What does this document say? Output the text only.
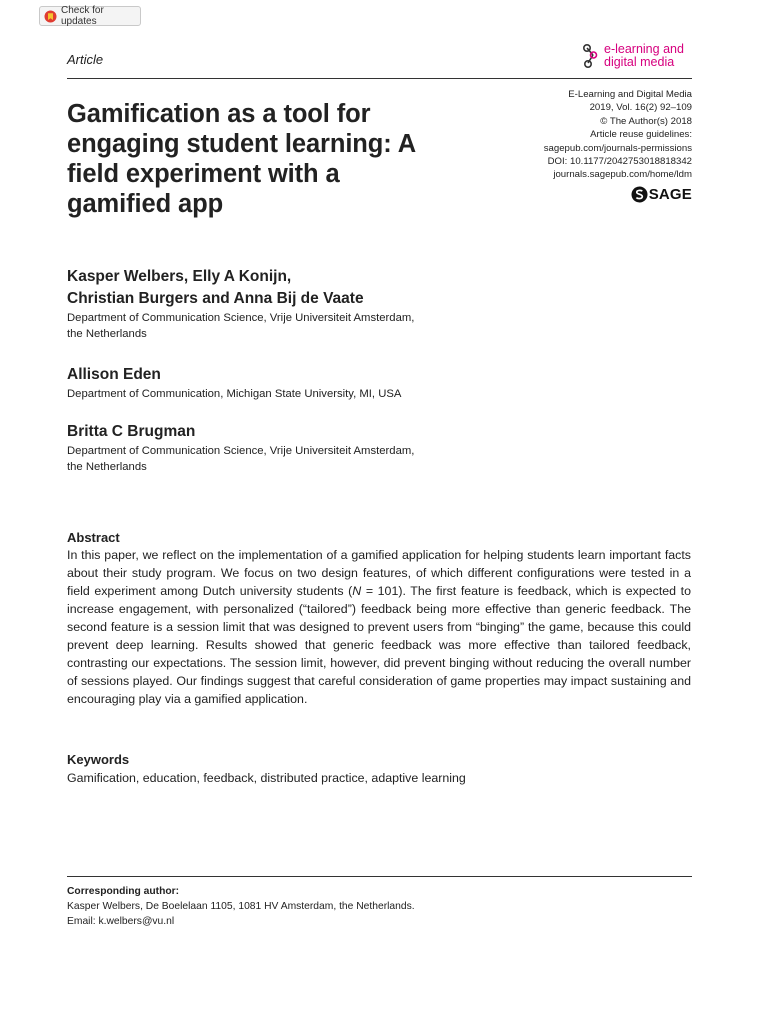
Check for updates
Article
e-learning and
digital media
Gamification as a tool for engaging student learning: A field experiment with a gamified app
E-Learning and Digital Media
2019, Vol. 16(2) 92–109
© The Author(s) 2018
Article reuse guidelines:
sagepub.com/journals-permissions
DOI: 10.1177/2042753018818342
journals.sagepub.com/home/ldm
SAGE
Kasper Welbers, Elly A Konijn,
Christian Burgers and Anna Bij de Vaate
Department of Communication Science, Vrije Universiteit Amsterdam,
the Netherlands
Allison Eden
Department of Communication, Michigan State University, MI, USA
Britta C Brugman
Department of Communication Science, Vrije Universiteit Amsterdam,
the Netherlands
Abstract

In this paper, we reflect on the implementation of a gamified application for helping students learn important facts about their study program. We focus on two design features, of which different configurations were tested in a field experiment among Dutch university students (N = 101). The first feature is feedback, which is expected to increase engagement, with personalized (“tailored”) feedback being more effective than generic feedback. The second feature is a session limit that was designed to prevent users from “binging” the game, because this could prevent deep learning. Results showed that generic feedback was more effective than tailored feedback, contrasting our expectations. The session limit, however, did prevent binging without reducing the overall number of sessions played. Our findings suggest that careful consideration of game properties may impact sustaining and encouraging play via a gamified application.

Keywords
Gamification, education, feedback, distributed practice, adaptive learning
Corresponding author:
Kasper Welbers, De Boelelaan 1105, 1081 HV Amsterdam, the Netherlands.
Email: k.welbers@vu.nl
